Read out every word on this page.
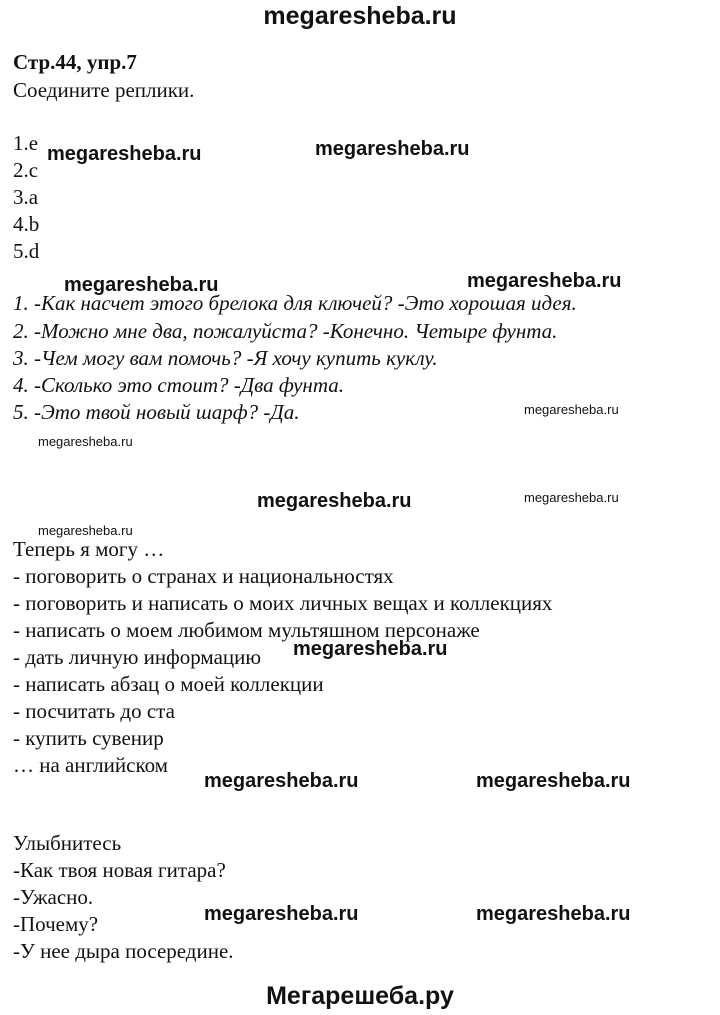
megaresheba.ru
Стр.44, упр.7
Соедините реплики.
1.e
2.c
3.a
4.b
5.d
1. -Как насчет этого брелока для ключей? -Это хорошая идея.
2. -Можно мне два, пожалуйста? -Конечно. Четыре фунта.
3. -Чем могу вам помочь? -Я хочу купить куклу.
4. -Сколько это стоит? -Два фунта.
5. -Это твой новый шарф? -Да.
Теперь я могу …
- поговорить о странах и национальностях
- поговорить и написать о моих личных вещах и коллекциях
- написать о моем любимом мультяшном персонаже
- дать личную информацию
- написать абзац о моей коллекции
- посчитать до ста
- купить сувенир
… на английском
Улыбнитесь
-Как твоя новая гитара?
-Ужасно.
-Почему?
-У нее дыра посередине.
megaresheba.ru	megaresheba.ru
megaresheba.ru	megaresheba.ru
megaresheba.ru
megaresheba.ru
megaresheba.ru	megaresheba.ru
megaresheba.ru
megaresheba.ru
megaresheba.ru	megaresheba.ru
megaresheba.ru	megaresheba.ru
Мегарешеба.ру
